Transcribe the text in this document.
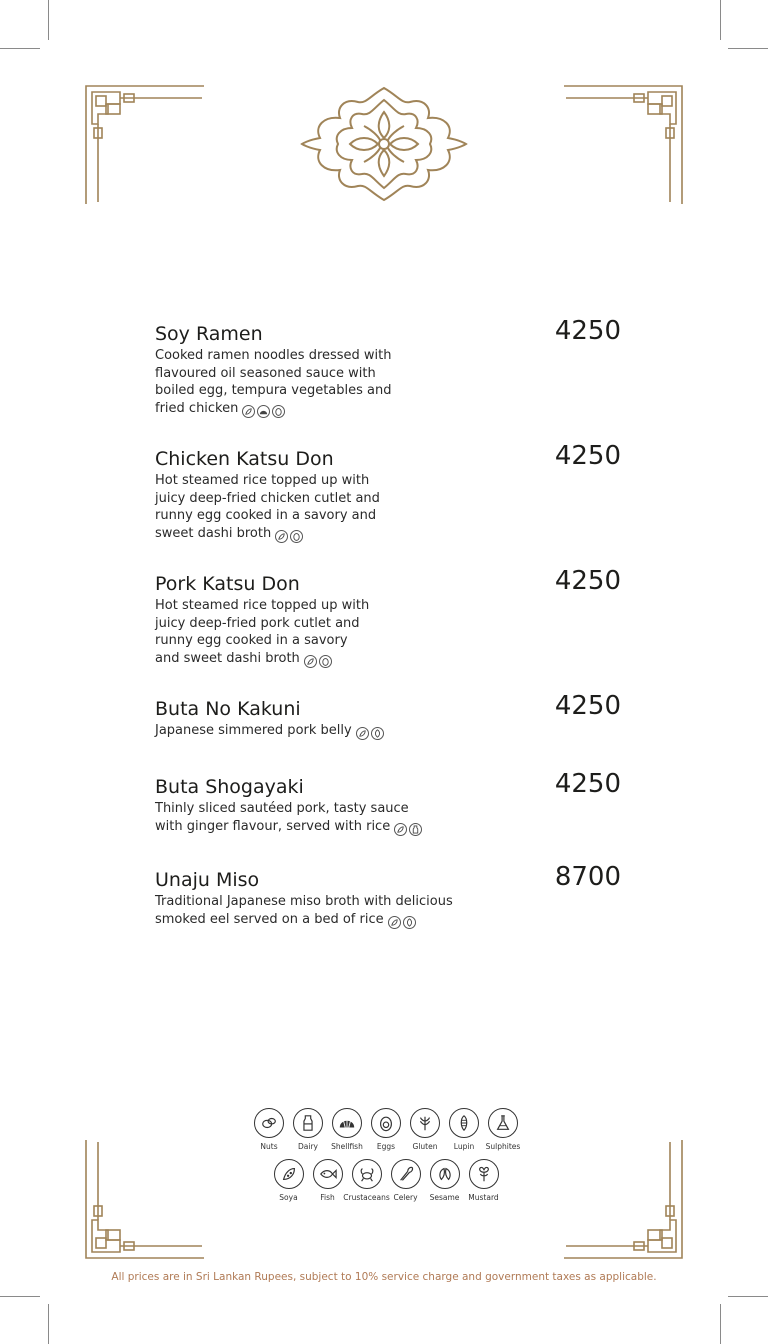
Soy Ramen	4250
Cooked ramen noodles dressed with
flavoured oil seasoned sauce with
boiled egg, tempura vegetables and
fried chicken
Chicken Katsu Don	4250
Hot steamed rice topped up with
juicy deep-fried chicken cutlet and
runny egg cooked in a savory and
sweet dashi broth
Pork Katsu Don	4250
Hot steamed rice topped up with
juicy deep-fried pork cutlet and
runny egg cooked in a savory
and sweet dashi broth
Buta No Kakuni	4250
Japanese simmered pork belly
Buta Shogayaki	4250
Thinly sliced sautéed pork, tasty sauce
with ginger flavour, served with rice
Unaju Miso	8700
Traditional Japanese miso broth with delicious
smoked eel served on a bed of rice
Nuts	Dairy Shellfish Eggs Gluten Lupin Sulphites
Soya	Fish Crustaceans Celery Sesame Mustard
All prices are in Sri Lankan Rupees, subject to 10% service charge and government taxes as applicable.
